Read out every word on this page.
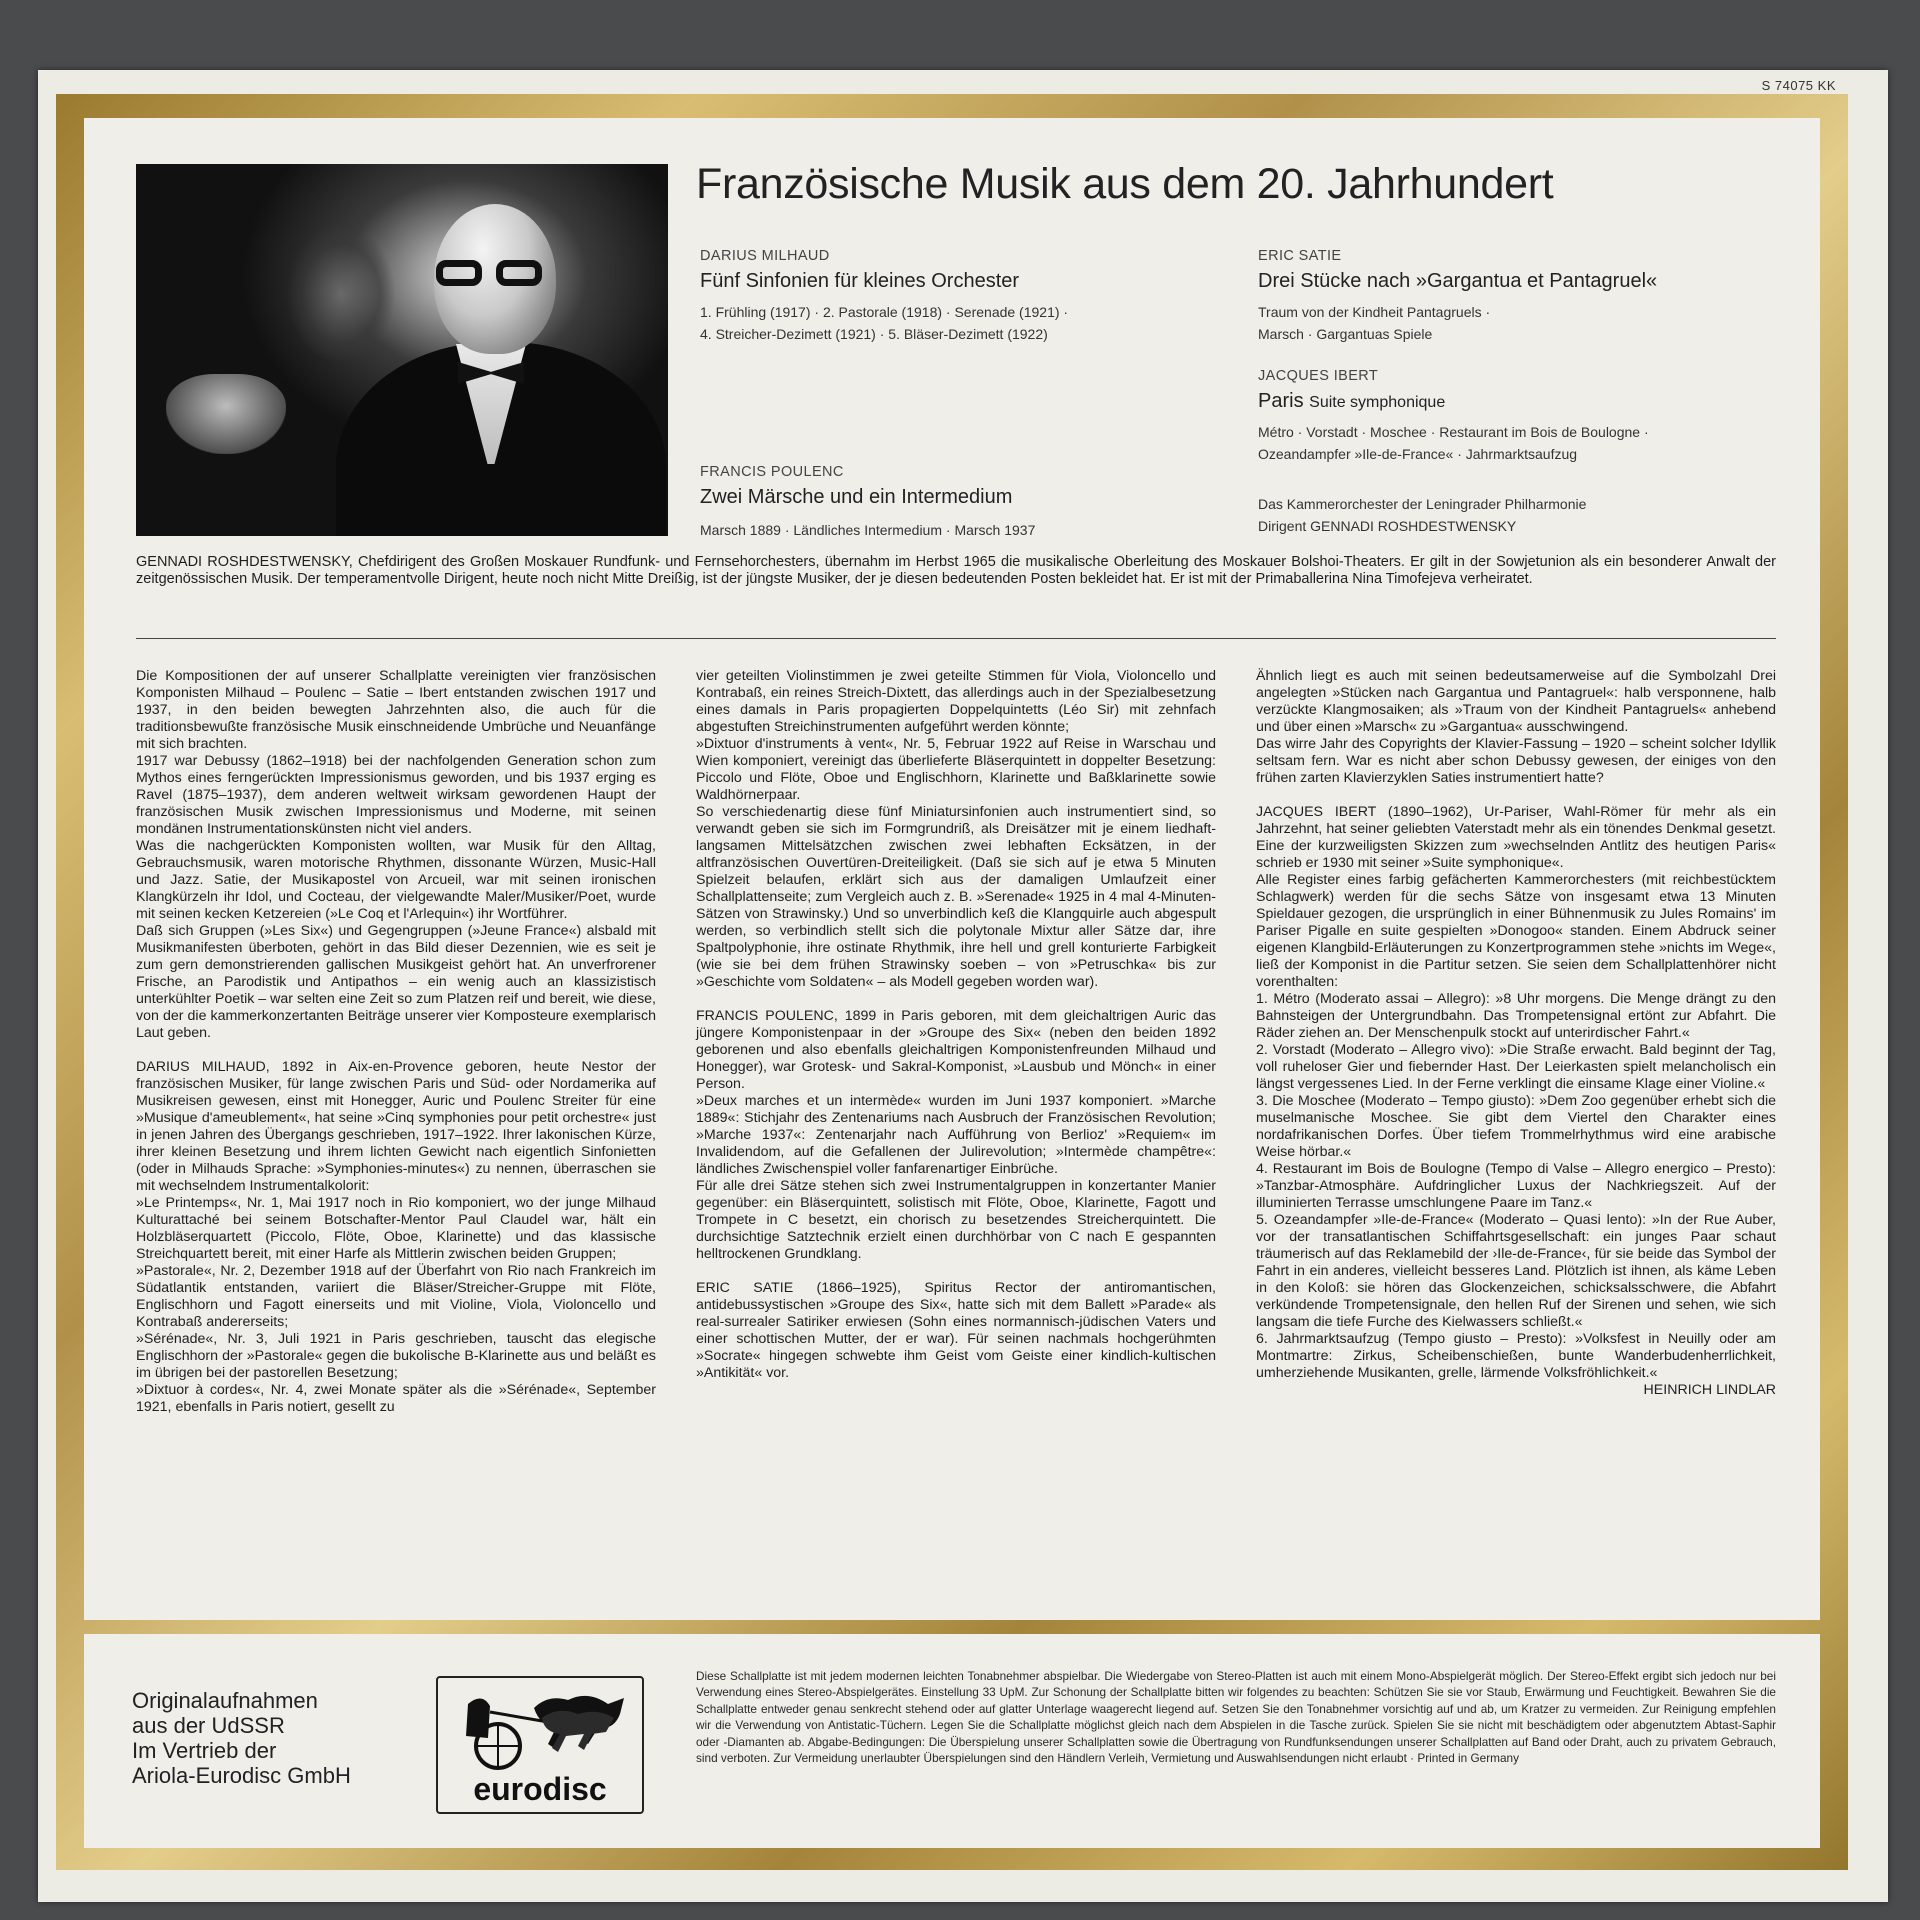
S 74075 KK
Französische Musik aus dem 20. Jahrhundert
DARIUS MILHAUD
Fünf Sinfonien für kleines Orchester
1. Frühling (1917) · 2. Pastorale (1918) · Serenade (1921) ·
4. Streicher-Dezimett (1921) · 5. Bläser-Dezimett (1922)
FRANCIS POULENC
Zwei Märsche und ein Intermedium
Marsch 1889 · Ländliches Intermedium · Marsch 1937
ERIC SATIE
Drei Stücke nach »Gargantua et Pantagruel«
Traum von der Kindheit Pantagruels ·
Marsch · Gargantuas Spiele
JACQUES IBERT
Paris Suite symphonique
Métro · Vorstadt · Moschee · Restaurant im Bois de Boulogne ·
Ozeandampfer »Ile-de-France« · Jahrmarktsaufzug
Das Kammerorchester der Leningrader Philharmonie
Dirigent GENNADI ROSHDESTWENSKY
GENNADI ROSHDESTWENSKY, Chefdirigent des Großen Moskauer Rundfunk- und Fernsehorchesters, übernahm im Herbst 1965 die musikalische Oberleitung des Moskauer Bolshoi-Theaters. Er gilt in der Sowjetunion als ein besonderer Anwalt der zeitgenössischen Musik. Der temperamentvolle Dirigent, heute noch nicht Mitte Dreißig, ist der jüngste Musiker, der je diesen bedeutenden Posten bekleidet hat. Er ist mit der Primaballerina Nina Timofejeva verheiratet.

Die Kompositionen der auf unserer Schallplatte vereinigten vier französischen Komponisten Milhaud – Poulenc – Satie – Ibert entstanden zwischen 1917 und 1937, in den beiden bewegten Jahrzehnten also, die auch für die traditionsbewußte französische Musik einschneidende Umbrüche und Neuanfänge mit sich brachten.

1917 war Debussy (1862–1918) bei der nachfolgenden Generation schon zum Mythos eines ferngerückten Impressionismus geworden, und bis 1937 erging es Ravel (1875–1937), dem anderen weltweit wirksam gewordenen Haupt der französischen Musik zwischen Impressionismus und Moderne, mit seinen mondänen Instrumentationskünsten nicht viel anders.

Was die nachgerückten Komponisten wollten, war Musik für den Alltag, Gebrauchsmusik, waren motorische Rhythmen, dissonante Würzen, Music-Hall und Jazz. Satie, der Musikapostel von Arcueil, war mit seinen ironischen Klangkürzeln ihr Idol, und Cocteau, der vielgewandte Maler/Musiker/Poet, wurde mit seinen kecken Ketzereien (»Le Coq et l'Arlequin«) ihr Wortführer.

Daß sich Gruppen (»Les Six«) und Gegengruppen (»Jeune France«) alsbald mit Musikmanifesten überboten, gehört in das Bild dieser Dezennien, wie es seit je zum gern demonstrierenden gallischen Musikgeist gehört hat. An unverfrorener Frische, an Parodistik und Antipathos – ein wenig auch an klassizistisch unterkühlter Poetik – war selten eine Zeit so zum Platzen reif und bereit, wie diese, von der die kammerkonzertanten Beiträge unserer vier Komposteure exemplarisch Laut geben.

DARIUS MILHAUD, 1892 in Aix-en-Provence geboren, heute Nestor der französischen Musiker, für lange zwischen Paris und Süd- oder Nordamerika auf Musikreisen gewesen, einst mit Honegger, Auric und Poulenc Streiter für eine »Musique d'ameublement«, hat seine »Cinq symphonies pour petit orchestre« just in jenen Jahren des Übergangs geschrieben, 1917–1922. Ihrer lakonischen Kürze, ihrer kleinen Besetzung und ihrem lichten Gewicht nach eigentlich Sinfonietten (oder in Milhauds Sprache: »Symphonies-minutes«) zu nennen, überraschen sie mit wechselndem Instrumentalkolorit:

»Le Printemps«, Nr. 1, Mai 1917 noch in Rio komponiert, wo der junge Milhaud Kulturattaché bei seinem Botschafter-Mentor Paul Claudel war, hält ein Holzbläserquartett (Piccolo, Flöte, Oboe, Klarinette) und das klassische Streichquartett bereit, mit einer Harfe als Mittlerin zwischen beiden Gruppen;

»Pastorale«, Nr. 2, Dezember 1918 auf der Überfahrt von Rio nach Frankreich im Südatlantik entstanden, variiert die Bläser/Streicher-Gruppe mit Flöte, Englischhorn und Fagott einerseits und mit Violine, Viola, Violoncello und Kontrabaß andererseits;

»Sérénade«, Nr. 3, Juli 1921 in Paris geschrieben, tauscht das elegische Englischhorn der »Pastorale« gegen die bukolische B-Klarinette aus und beläßt es im übrigen bei der pastorellen Besetzung;

»Dixtuor à cordes«, Nr. 4, zwei Monate später als die »Sérénade«, September 1921, ebenfalls in Paris notiert, gesellt zu

vier geteilten Violinstimmen je zwei geteilte Stimmen für Viola, Violoncello und Kontrabaß, ein reines Streich-Dixtett, das allerdings auch in der Spezialbesetzung eines damals in Paris propagierten Doppelquintetts (Léo Sir) mit zehnfach abgestuften Streichinstrumenten aufgeführt werden könnte;

»Dixtuor d'instruments à vent«, Nr. 5, Februar 1922 auf Reise in Warschau und Wien komponiert, vereinigt das überlieferte Bläserquintett in doppelter Besetzung: Piccolo und Flöte, Oboe und Englischhorn, Klarinette und Baßklarinette sowie Waldhörnerpaar.

So verschiedenartig diese fünf Miniatursinfonien auch instrumentiert sind, so verwandt geben sie sich im Formgrundriß, als Dreisätzer mit je einem liedhaft-langsamen Mittelsätzchen zwischen zwei lebhaften Ecksätzen, in der altfranzösischen Ouvertüren-Dreiteiligkeit. (Daß sie sich auf je etwa 5 Minuten Spielzeit belaufen, erklärt sich aus der damaligen Umlaufzeit einer Schallplattenseite; zum Vergleich auch z. B. »Serenade« 1925 in 4 mal 4-Minuten-Sätzen von Strawinsky.) Und so unverbindlich keß die Klangquirle auch abgespult werden, so verbindlich stellt sich die polytonale Mixtur aller Sätze dar, ihre Spaltpolyphonie, ihre ostinate Rhythmik, ihre hell und grell konturierte Farbigkeit (wie sie bei dem frühen Strawinsky soeben – von »Petruschka« bis zur »Geschichte vom Soldaten« – als Modell gegeben worden war).

FRANCIS POULENC, 1899 in Paris geboren, mit dem gleichaltrigen Auric das jüngere Komponistenpaar in der »Groupe des Six« (neben den beiden 1892 geborenen und also ebenfalls gleichaltrigen Komponistenfreunden Milhaud und Honegger), war Grotesk- und Sakral-Komponist, »Lausbub und Mönch« in einer Person.

»Deux marches et un intermède« wurden im Juni 1937 komponiert. »Marche 1889«: Stichjahr des Zentenariums nach Ausbruch der Französischen Revolution; »Marche 1937«: Zentenarjahr nach Aufführung von Berlioz' »Requiem« im Invalidendom, auf die Gefallenen der Julirevolution; »Intermède champêtre«: ländliches Zwischenspiel voller fanfarenartiger Einbrüche.

Für alle drei Sätze stehen sich zwei Instrumentalgruppen in konzertanter Manier gegenüber: ein Bläserquintett, solistisch mit Flöte, Oboe, Klarinette, Fagott und Trompete in C besetzt, ein chorisch zu besetzendes Streicherquintett. Die durchsichtige Satztechnik erzielt einen durchhörbar von C nach E gespannten helltrockenen Grundklang.

ERIC SATIE (1866–1925), Spiritus Rector der antiromantischen, antidebussystischen »Groupe des Six«, hatte sich mit dem Ballett »Parade« als real-surrealer Satiriker erwiesen (Sohn eines normannisch-jüdischen Vaters und einer schottischen Mutter, der er war). Für seinen nachmals hochgerühmten »Socrate« hingegen schwebte ihm Geist vom Geiste einer kindlich-kultischen »Antikität« vor.

Ähnlich liegt es auch mit seinen bedeutsamerweise auf die Symbolzahl Drei angelegten »Stücken nach Gargantua und Pantagruel«: halb versponnene, halb verzückte Klangmosaiken; als »Traum von der Kindheit Pantagruels« anhebend und über einen »Marsch« zu »Gargantua« ausschwingend.

Das wirre Jahr des Copyrights der Klavier-Fassung – 1920 – scheint solcher Idyllik seltsam fern. War es nicht aber schon Debussy gewesen, der einiges von den frühen zarten Klavierzyklen Saties instrumentiert hatte?

JACQUES IBERT (1890–1962), Ur-Pariser, Wahl-Römer für mehr als ein Jahrzehnt, hat seiner geliebten Vaterstadt mehr als ein tönendes Denkmal gesetzt. Eine der kurzweiligsten Skizzen zum »wechselnden Antlitz des heutigen Paris« schrieb er 1930 mit seiner »Suite symphonique«.

Alle Register eines farbig gefächerten Kammerorchesters (mit reichbestücktem Schlagwerk) werden für die sechs Sätze von insgesamt etwa 13 Minuten Spieldauer gezogen, die ursprünglich in einer Bühnenmusik zu Jules Romains' im Pariser Pigalle en suite gespielten »Donogoo« standen. Einem Abdruck seiner eigenen Klangbild-Erläuterungen zu Konzertprogrammen stehe »nichts im Wege«, ließ der Komponist in die Partitur setzen. Sie seien dem Schallplattenhörer nicht vorenthalten:

1. Métro (Moderato assai – Allegro): »8 Uhr morgens. Die Menge drängt zu den Bahnsteigen der Untergrundbahn. Das Trompetensignal ertönt zur Abfahrt. Die Räder ziehen an. Der Menschenpulk stockt auf unterirdischer Fahrt.«

2. Vorstadt (Moderato – Allegro vivo): »Die Straße erwacht. Bald beginnt der Tag, voll ruheloser Gier und fiebernder Hast. Der Leierkasten spielt melancholisch ein längst vergessenes Lied. In der Ferne verklingt die einsame Klage einer Violine.«

3. Die Moschee (Moderato – Tempo giusto): »Dem Zoo gegenüber erhebt sich die muselmanische Moschee. Sie gibt dem Viertel den Charakter eines nordafrikanischen Dorfes. Über tiefem Trommelrhythmus wird eine arabische Weise hörbar.«

4. Restaurant im Bois de Boulogne (Tempo di Valse – Allegro energico – Presto): »Tanzbar-Atmosphäre. Aufdringlicher Luxus der Nachkriegszeit. Auf der illuminierten Terrasse umschlungene Paare im Tanz.«

5. Ozeandampfer »Ile-de-France« (Moderato – Quasi lento): »In der Rue Auber, vor der transatlantischen Schiffahrtsgesellschaft: ein junges Paar schaut träumerisch auf das Reklamebild der ›Ile-de-France‹, für sie beide das Symbol der Fahrt in ein anderes, vielleicht besseres Land. Plötzlich ist ihnen, als käme Leben in den Koloß: sie hören das Glockenzeichen, schicksalsschwere, die Abfahrt verkündende Trompetensignale, den hellen Ruf der Sirenen und sehen, wie sich langsam die tiefe Furche des Kielwassers schließt.«

6. Jahrmarktsaufzug (Tempo giusto – Presto): »Volksfest in Neuilly oder am Montmartre: Zirkus, Scheibenschießen, bunte Wanderbudenherrlichkeit, umherziehende Musikanten, grelle, lärmende Volksfröhlichkeit.«

HEINRICH LINDLAR

Originalaufnahmen
aus der UdSSR
Im Vertrieb der
Ariola-Eurodisc GmbH	eurodisc
Diese Schallplatte ist mit jedem modernen leichten Tonabnehmer abspielbar. Die Wiedergabe von Stereo-Platten ist auch mit einem Mono-Abspielgerät möglich. Der Stereo-Effekt ergibt sich jedoch nur bei Verwendung eines Stereo-Abspielgerätes. Einstellung 33 UpM. Zur Schonung der Schallplatte bitten wir folgendes zu beachten: Schützen Sie sie vor Staub, Erwärmung und Feuchtigkeit. Bewahren Sie die Schallplatte entweder genau senkrecht stehend oder auf glatter Unterlage waagerecht liegend auf. Setzen Sie den Tonabnehmer vorsichtig auf und ab, um Kratzer zu vermeiden. Zur Reinigung empfehlen wir die Verwendung von Antistatic-Tüchern. Legen Sie die Schallplatte möglichst gleich nach dem Abspielen in die Tasche zurück. Spielen Sie sie nicht mit beschädigtem oder abgenutztem Abtast-Saphir oder -Diamanten ab. Abgabe-Bedingungen: Die Überspielung unserer Schallplatten sowie die Übertragung von Rundfunksendungen unserer Schallplatten auf Band oder Draht, auch zu privatem Gebrauch, sind verboten. Zur Vermeidung unerlaubter Überspielungen sind den Händlern Verleih, Vermietung und Auswahlsendungen nicht erlaubt · Printed in Germany
